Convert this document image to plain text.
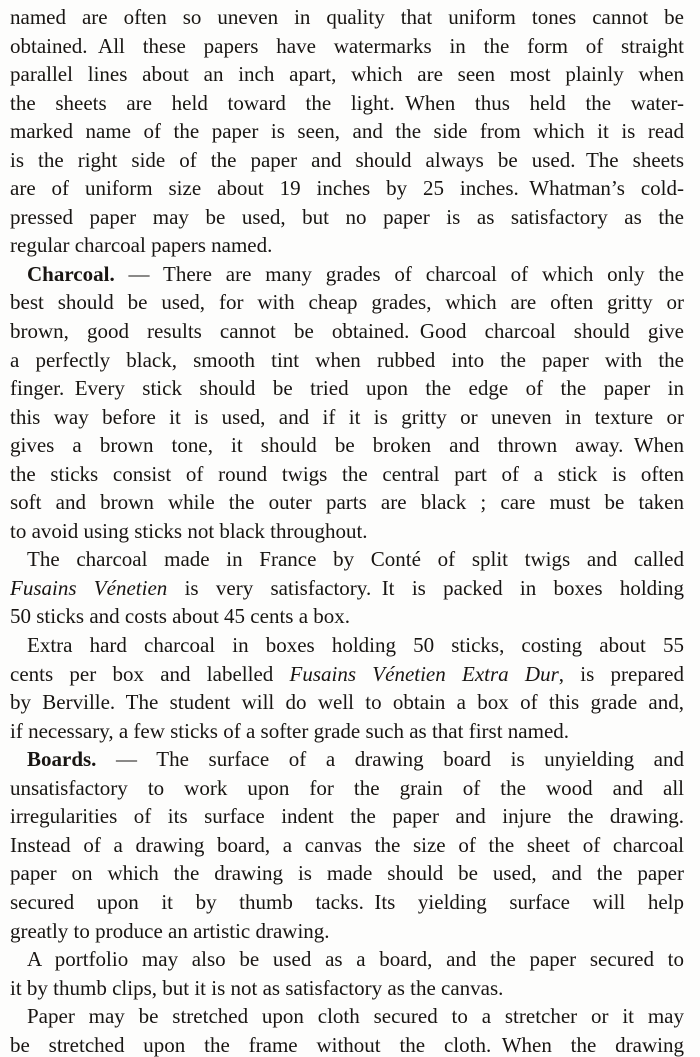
named are often so uneven in quality that uniform tones cannot be
obtained. All these papers have watermarks in the form of straight
parallel lines about an inch apart, which are seen most plainly when
the sheets are held toward the light. When thus held the water-
marked name of the paper is seen, and the side from which it is read
is the right side of the paper and should always be used. The sheets
are of uniform size about 19 inches by 25 inches. Whatman’s cold-
pressed paper may be used, but no paper is as satisfactory as the
regular charcoal papers named.
Charcoal. — There are many grades of charcoal of which only the
best should be used, for with cheap grades, which are often gritty or
brown, good results cannot be obtained. Good charcoal should give
a perfectly black, smooth tint when rubbed into the paper with the
finger. Every stick should be tried upon the edge of the paper in
this way before it is used, and if it is gritty or uneven in texture or
gives a brown tone, it should be broken and thrown away. When
the sticks consist of round twigs the central part of a stick is often
soft and brown while the outer parts are black ; care must be taken
to avoid using sticks not black throughout.
The charcoal made in France by Conté of split twigs and called
Fusains Vénetien is very satisfactory. It is packed in boxes holding
50 sticks and costs about 45 cents a box.
Extra hard charcoal in boxes holding 50 sticks, costing about 55
cents per box and labelled Fusains Vénetien Extra Dur, is prepared
by Berville. The student will do well to obtain a box of this grade and,
if necessary, a few sticks of a softer grade such as that first named.
Boards. — The surface of a drawing board is unyielding and
unsatisfactory to work upon for the grain of the wood and all
irregularities of its surface indent the paper and injure the drawing.
Instead of a drawing board, a canvas the size of the sheet of charcoal
paper on which the drawing is made should be used, and the paper
secured upon it by thumb tacks. Its yielding surface will help
greatly to produce an artistic drawing.
A portfolio may also be used as a board, and the paper secured to
it by thumb clips, but it is not as satisfactory as the canvas.
Paper may be stretched upon cloth secured to a stretcher or it may
be stretched upon the frame without the cloth. When the drawing
